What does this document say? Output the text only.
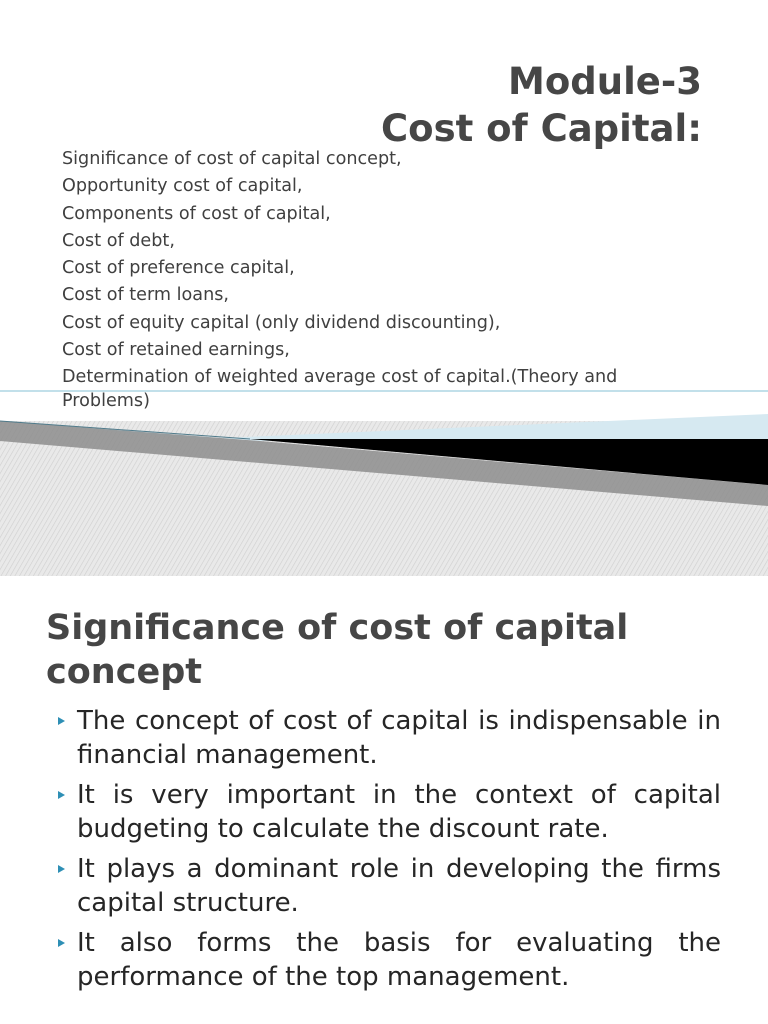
Module-3
Cost of Capital:
Significance of cost of capital concept,
Opportunity cost of capital,
Components of cost of capital,
Cost of debt,
Cost of preference capital,
Cost of term loans,
Cost of equity capital (only dividend discounting),
Cost of retained earnings,
Determination of weighted average cost of capital.(Theory and Problems)
Significance of cost of capital concept
The concept of cost of capital is indispensable in financial management.
It is very important in the context of capital budgeting to calculate the discount rate.
It plays a dominant role in developing the firms capital structure.
It also forms the basis for evaluating the performance of the top management.
